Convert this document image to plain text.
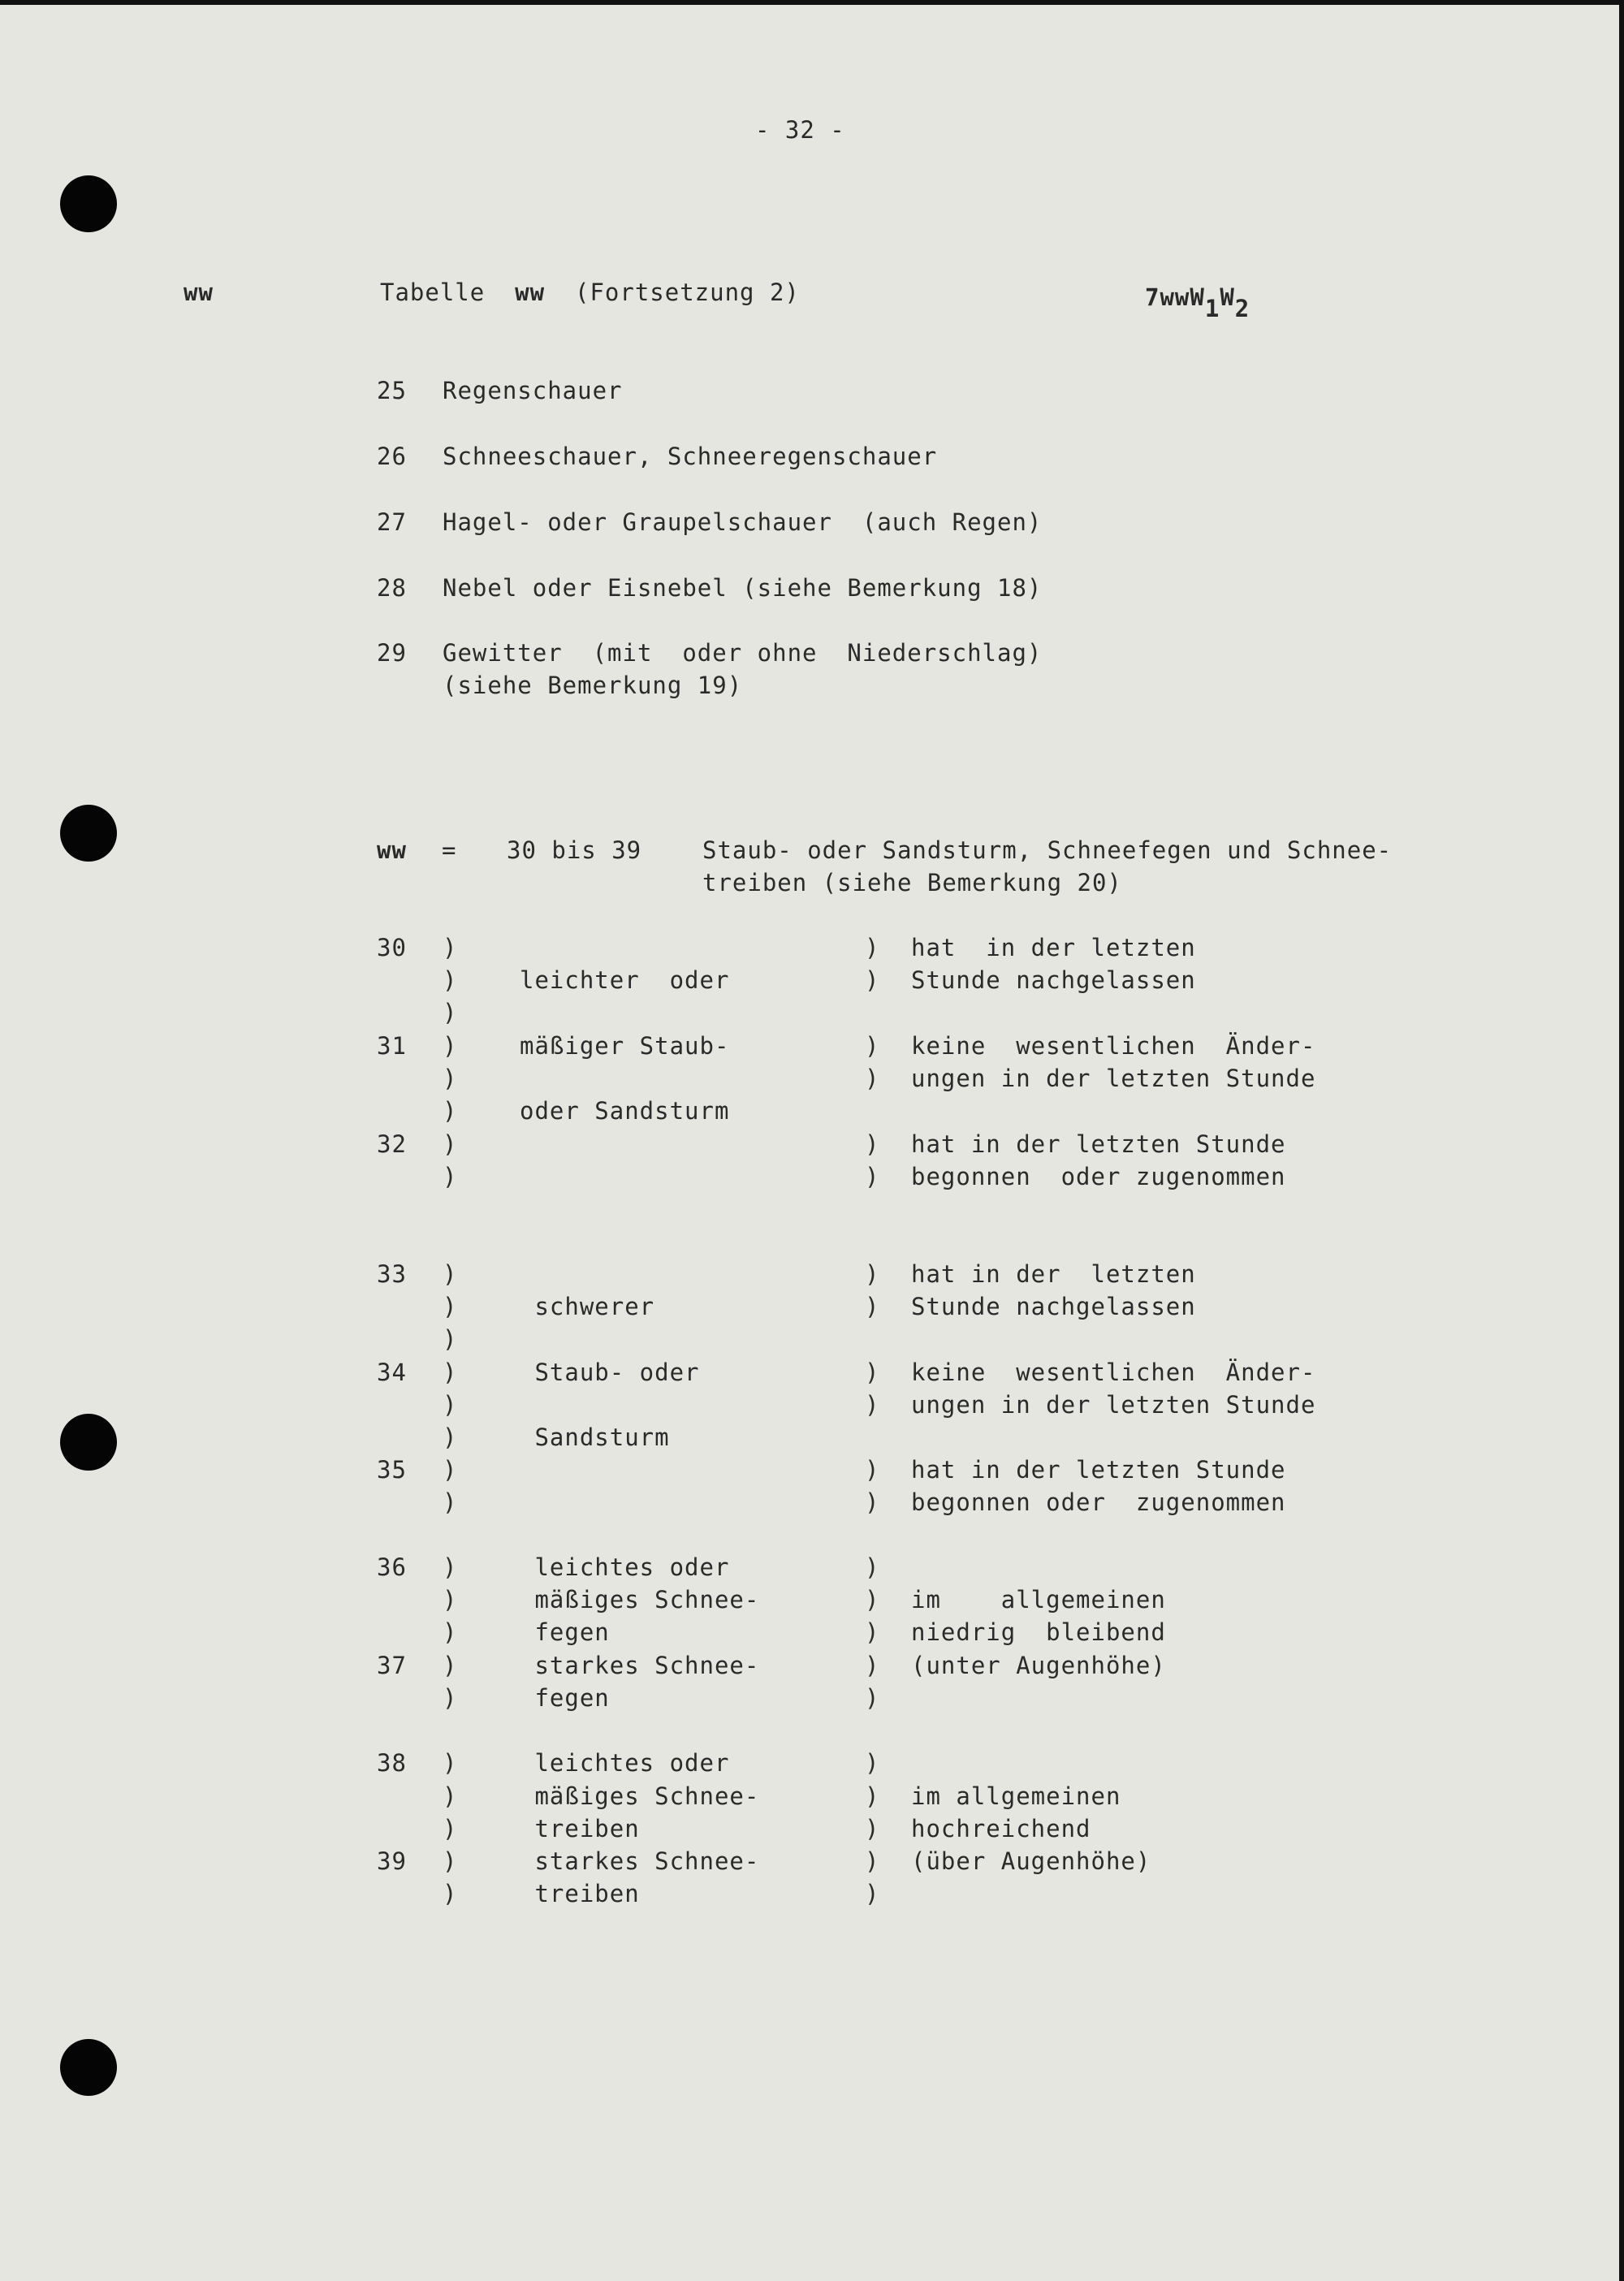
- 32 -
ww	Tabelle ww (Fortsetzung 2)	7wwW1W2
25 Regenschauer
26 Schneeschauer, Schneeregenschauer
27 Hagel- oder Graupelschauer  (auch Regen)
28 Nebel oder Eisnebel (siehe Bemerkung 18)
29 Gewitter  (mit  oder ohne  Niederschlag)
(siehe Bemerkung 19)
ww = 30 bis 39	Staub- oder Sandsturm, Schneefegen und Schnee-
treiben (siehe Bemerkung 20)
30 )	) hat  in der letzten
)	leichter  oder	) Stunde nachgelassen
)
31 )	mäßiger Staub-	) keine  wesentlichen  Änder-
)	) ungen in der letzten Stunde
)	oder Sandsturm
32 )	) hat in der letzten Stunde
)	) begonnen  oder zugenommen
33 )	) hat in der  letzten
)	schwerer	) Stunde nachgelassen
)
34 )	Staub- oder	) keine  wesentlichen  Änder-
)	) ungen in der letzten Stunde
)	Sandsturm
35 )	) hat in der letzten Stunde
)	) begonnen oder  zugenommen
36 )	leichtes oder	)
)	mäßiges Schnee-	) im    allgemeinen
)	fegen	) niedrig  bleibend
37 )	starkes Schnee-	) (unter Augenhöhe)
)	fegen	)
38 )	leichtes oder	)
)	mäßiges Schnee-	) im allgemeinen
)	treiben	) hochreichend
39 )	starkes Schnee-	) (über Augenhöhe)
)	treiben	)
